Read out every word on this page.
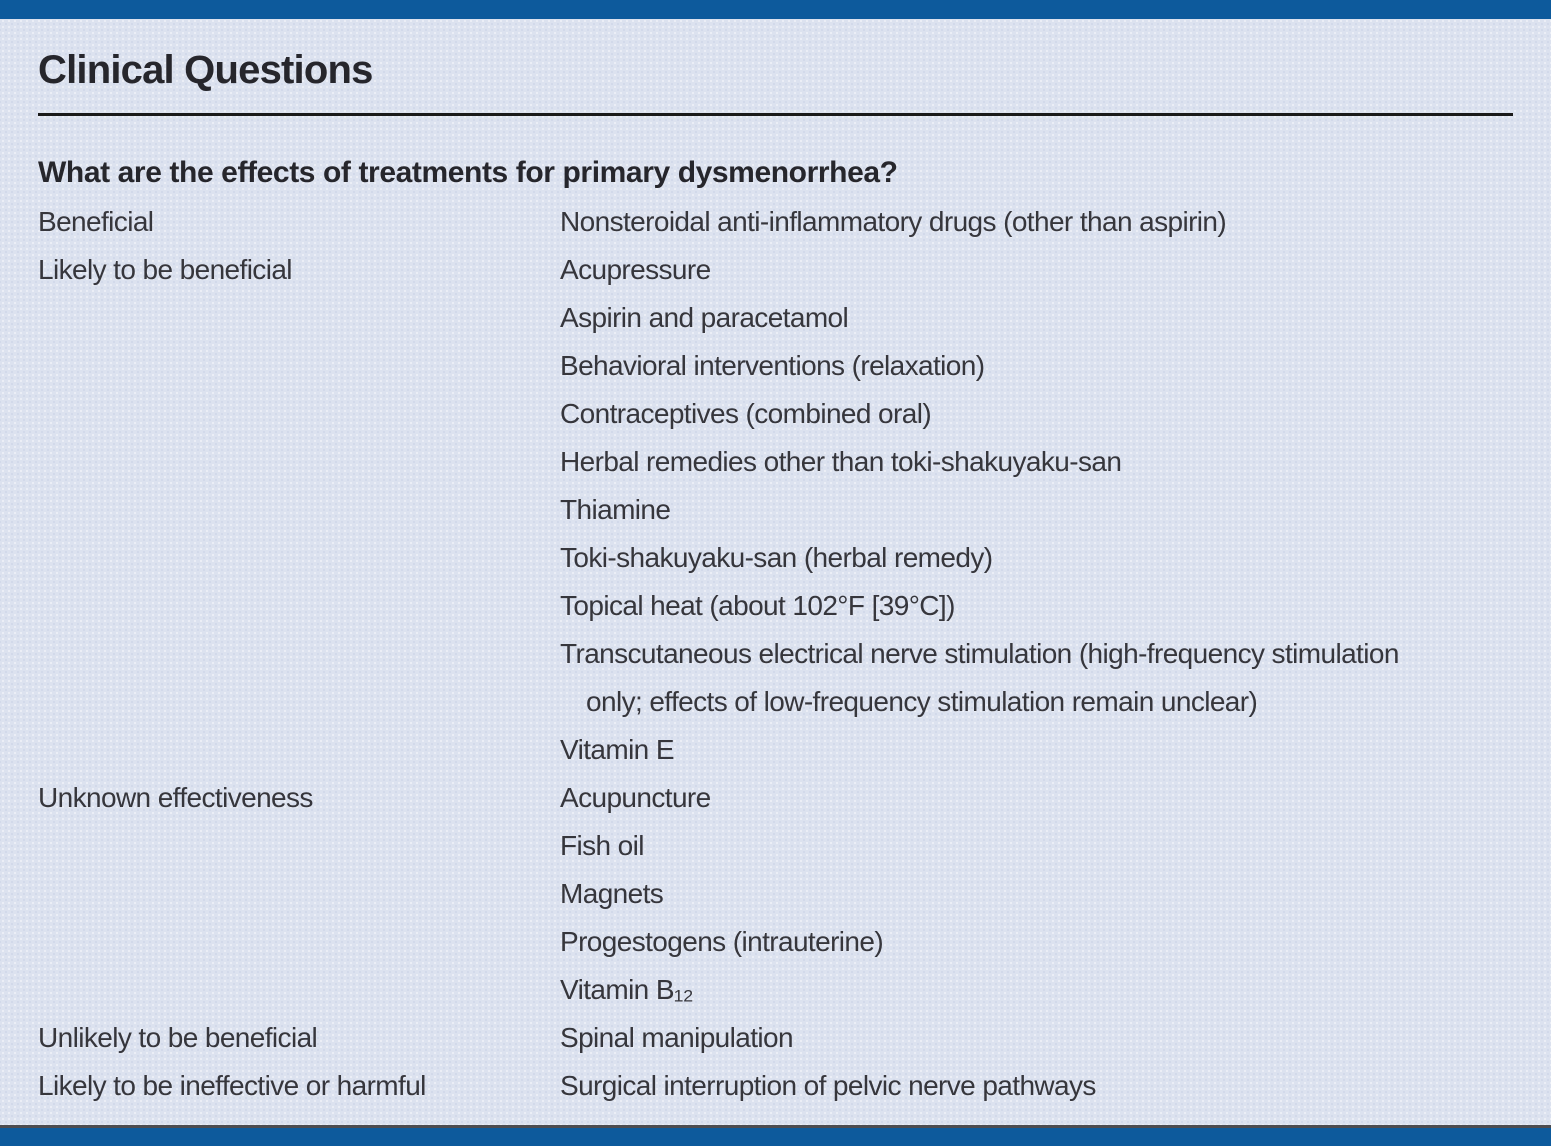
Clinical Questions
What are the effects of treatments for primary dysmenorrhea?
Beneficial	Nonsteroidal anti-inflammatory drugs (other than aspirin)
Likely to be beneficial	Acupressure
Aspirin and paracetamol
Behavioral interventions (relaxation)
Contraceptives (combined oral)
Herbal remedies other than toki-shakuyaku-san
Thiamine
Toki-shakuyaku-san (herbal remedy)
Topical heat (about 102°F [39°C])
Transcutaneous electrical nerve stimulation (high-frequency stimulation
only; effects of low-frequency stimulation remain unclear)
Vitamin E
Unknown effectiveness	Acupuncture
Fish oil
Magnets
Progestogens (intrauterine)
Vitamin B₁₂
Unlikely to be beneficial	Spinal manipulation
Likely to be ineffective or harmful	Surgical interruption of pelvic nerve pathways
